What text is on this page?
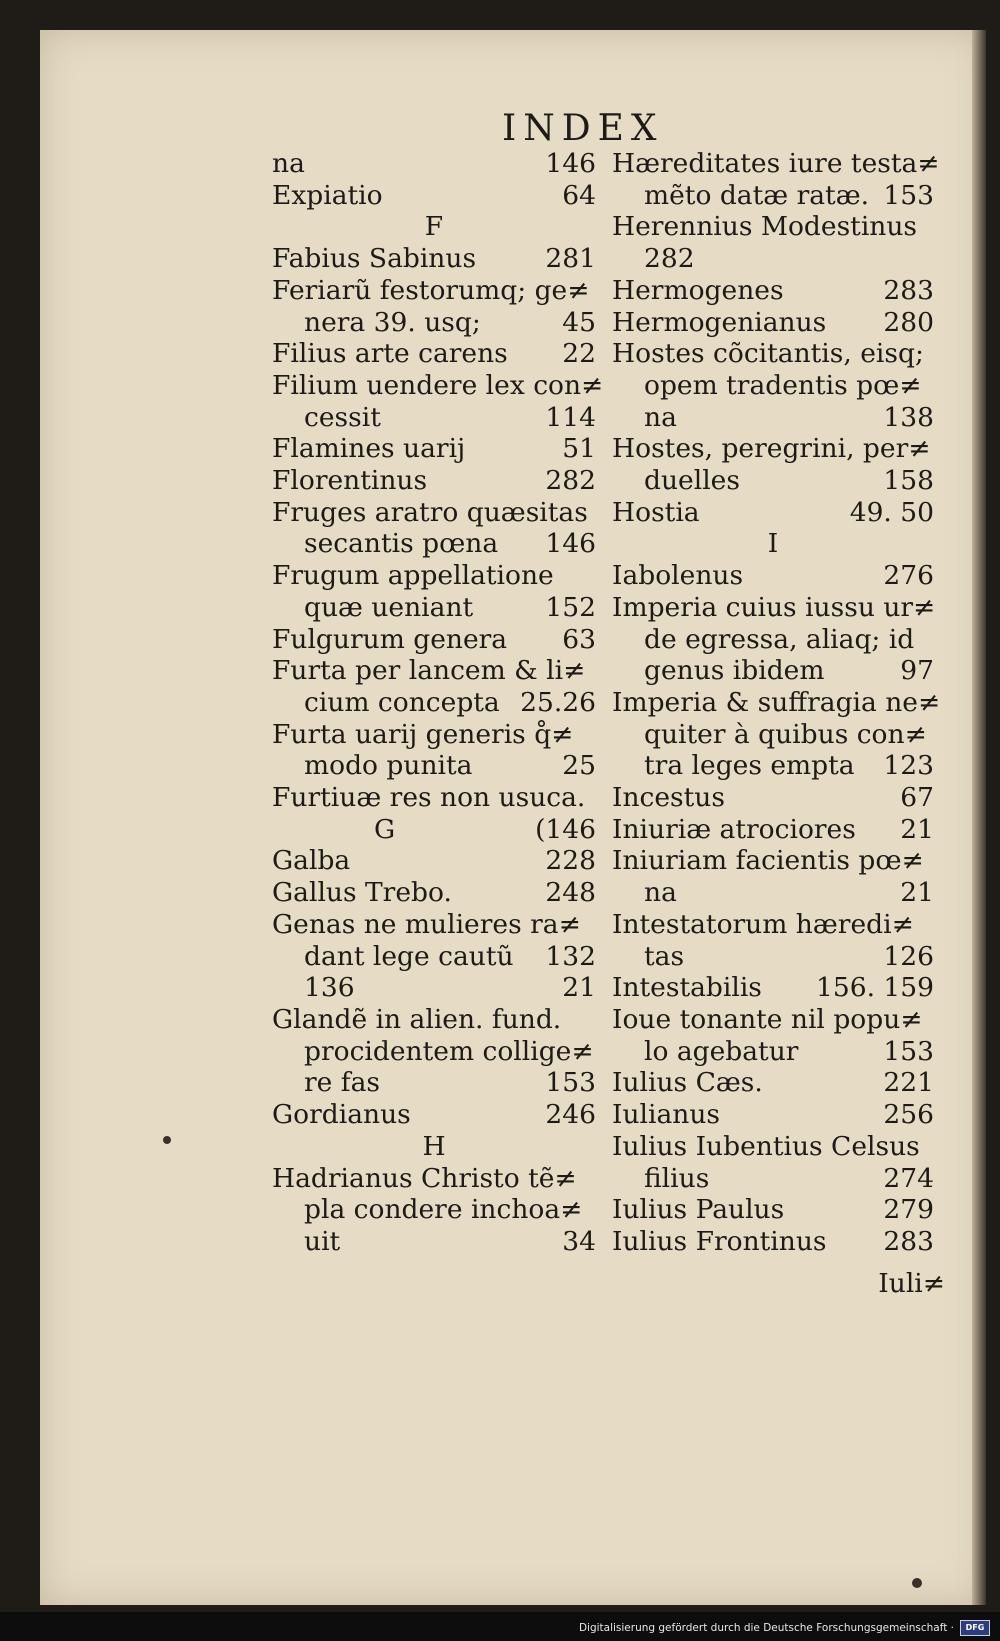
INDEX
na	146
Expiatio	64
F
Fabius Sabinus	281
Feriarũ festorumq; ge≠
nera 39. usq;	45
Filius arte carens	22
Filium uendere lex con≠
cessit	114
Flamines uarij	51
Florentinus	282
Fruges aratro quæsitas
secantis pœna	146
Frugum appellatione
quæ ueniant	152
Fulgurum genera	63
Furta per lancem & li≠
cium concepta 25.26
Furta uarij generis q̊≠
modo punita	25
Furtiuæ res non usuca.
G	(146
Galba	228
Gallus Trebo.	248
Genas ne mulieres ra≠
dant lege cautũ 132
136	21
Glandẽ in alien. fund.
procidentem collige≠
re fas	153
Gordianus	246
H
Hadrianus Christo tẽ≠
pla condere inchoa≠
uit	34
Hæreditates iure testa≠
mẽto datæ ratæ. 153
Herennius Modestinus
282
Hermogenes	283
Hermogenianus	280
Hostes cõcitantis, eisq;
opem tradentis pœ≠
na	138
Hostes, peregrini, per≠
duelles	158
Hostia	49. 50
I
Iabolenus	276
Imperia cuius iussu ur≠
de egressa, aliaq; id
genus ibidem	97
Imperia & suffragia ne≠
quiter à quibus con≠
tra leges empta	123
Incestus	67
Iniuriæ atrociores	21
Iniuriam facientis pœ≠
na	21
Intestatorum hæredi≠
tas	126
Intestabilis	156. 159
Ioue tonante nil popu≠
lo agebatur	153
Iulius Cæs.	221
Iulianus	256
Iulius Iubentius Celsus
filius	274
Iulius Paulus	279
Iulius Frontinus	283
Iuli≠
Digitalisierung gefördert durch die Deutsche Forschungsgemeinschaft ·	DFG
